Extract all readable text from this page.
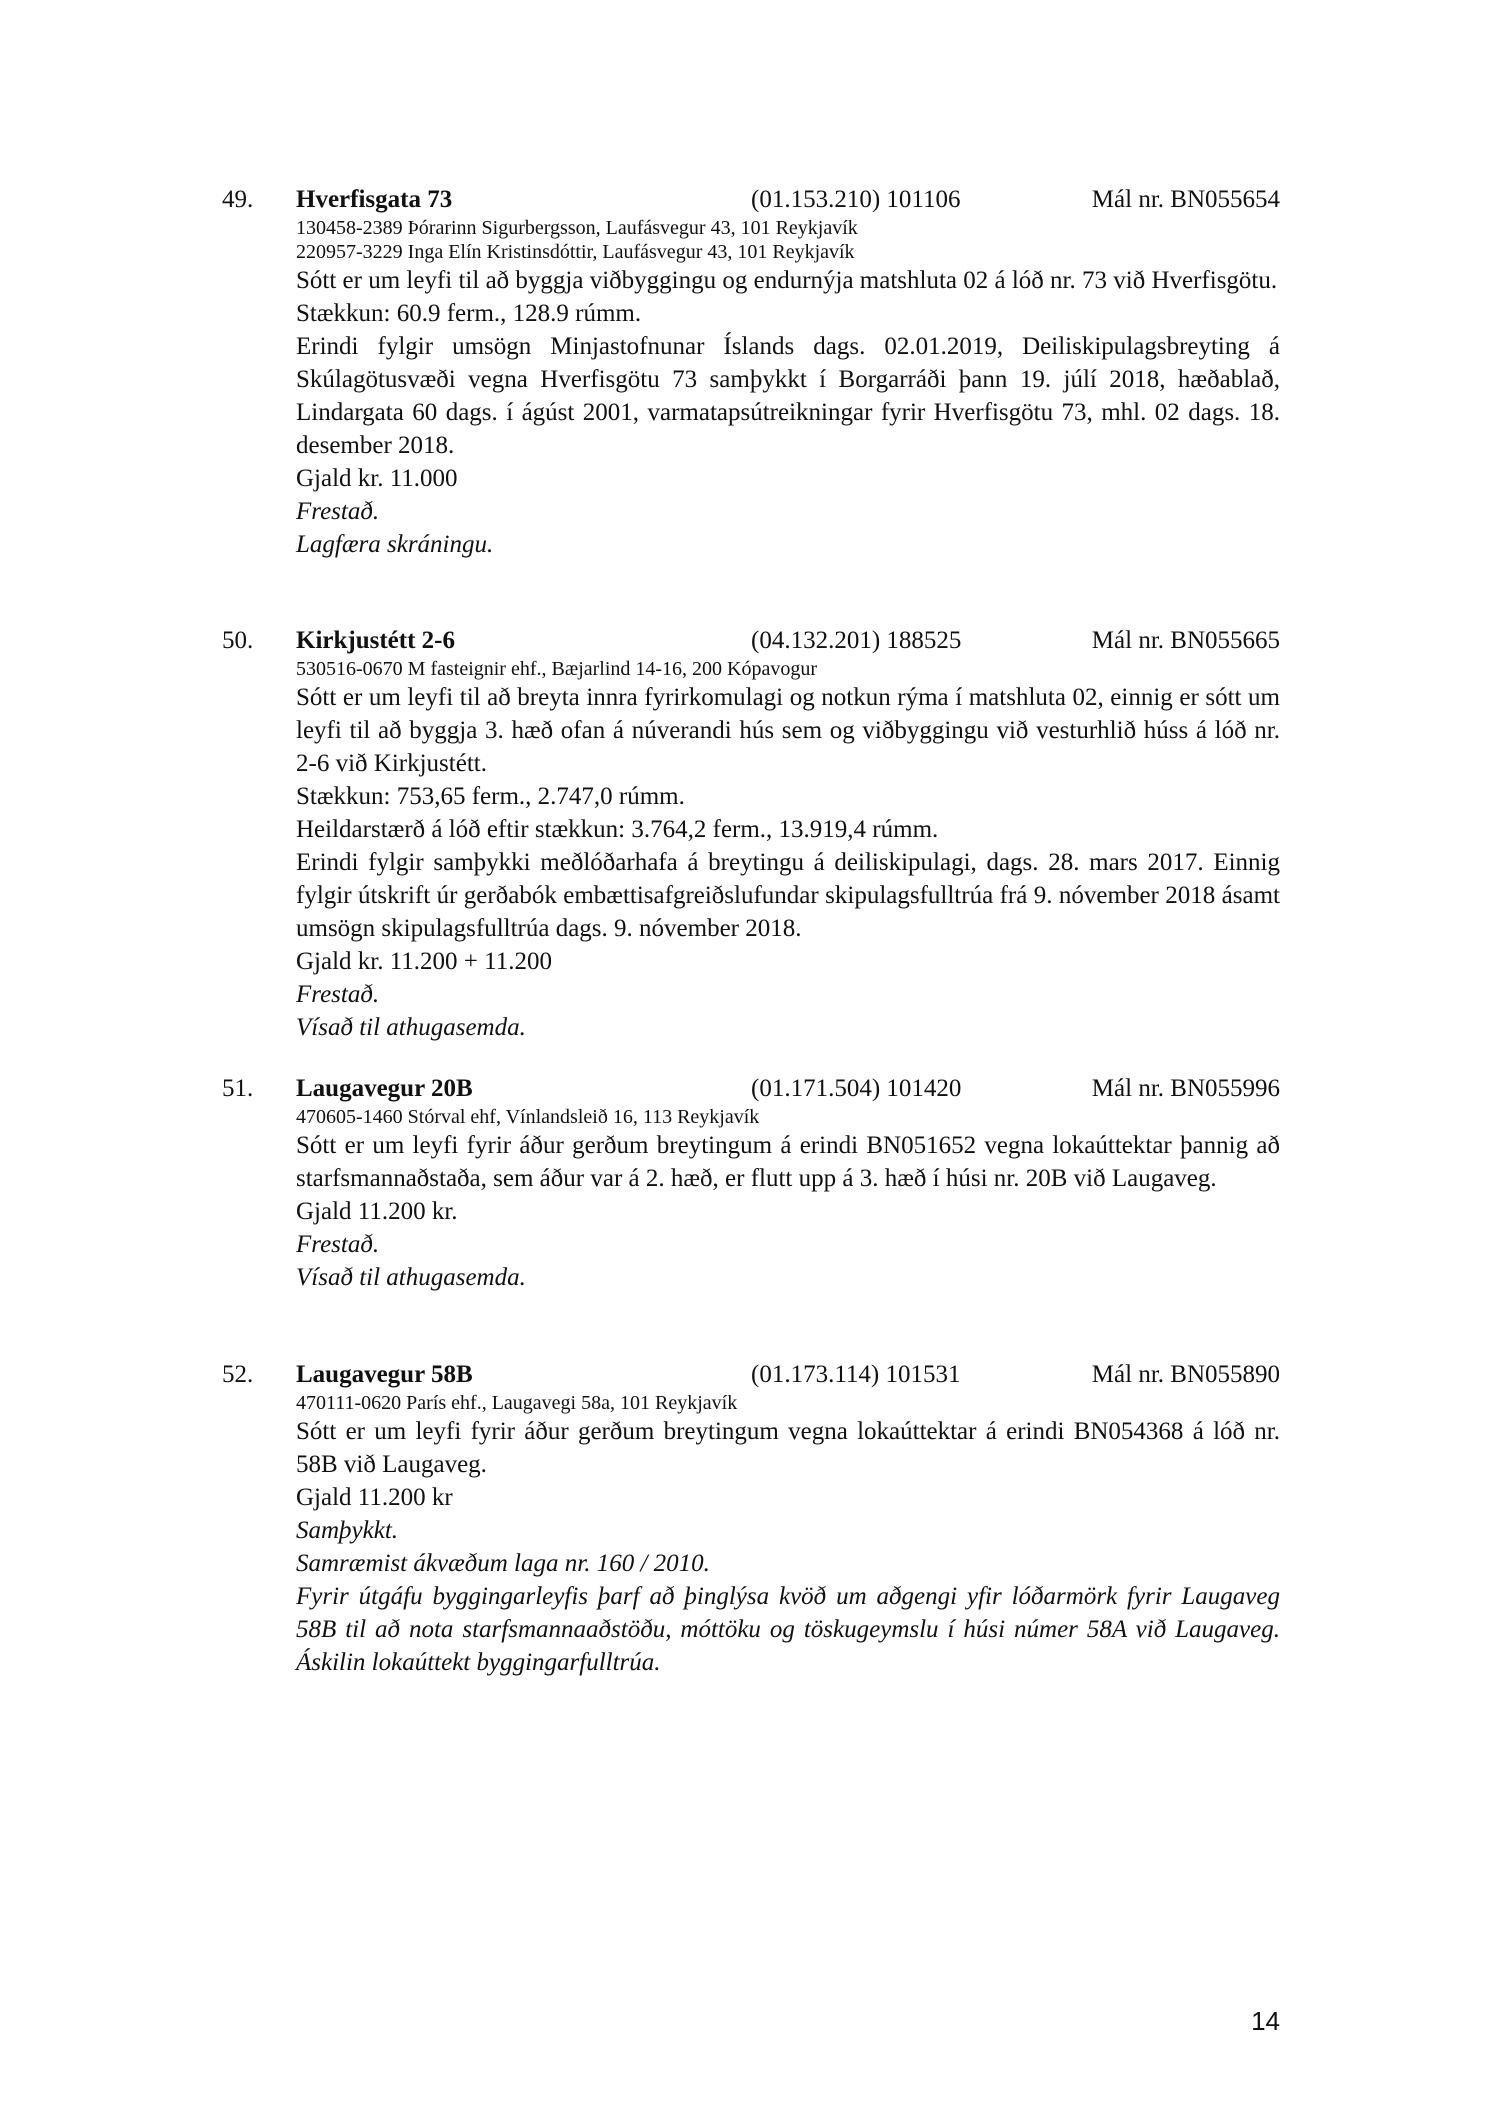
49. Hverfisgata 73	(01.153.210) 101106	Mál nr. BN055654
130458-2389 Þórarinn Sigurbergsson, Laufásvegur 43, 101 Reykjavík
220957-3229 Inga Elín Kristinsdóttir, Laufásvegur 43, 101 Reykjavík
Sótt er um leyfi til að byggja viðbyggingu og endurnýja matshluta 02 á lóð nr. 73 við Hverfisgötu.
Stækkun: 60.9 ferm., 128.9 rúmm.
Erindi fylgir umsögn Minjastofnunar Íslands dags. 02.01.2019, Deiliskipulagsbreyting á Skúlagötusvæði vegna Hverfisgötu 73 samþykkt í Borgarráði þann 19. júlí 2018, hæðablað, Lindargata 60 dags. í ágúst 2001, varmatapsútreikningar fyrir Hverfisgötu 73, mhl. 02 dags. 18. desember 2018.
Gjald kr. 11.000
Frestað.
Lagfæra skráningu.
50. Kirkjustétt 2-6	(04.132.201) 188525	Mál nr. BN055665
530516-0670 M fasteignir ehf., Bæjarlind 14-16, 200 Kópavogur
Sótt er um leyfi til að breyta innra fyrirkomulagi og notkun rýma í matshluta 02, einnig er sótt um leyfi til að byggja 3. hæð ofan á núverandi hús sem og viðbyggingu við vesturhlið húss á lóð nr. 2-6 við Kirkjustétt.
Stækkun: 753,65 ferm., 2.747,0 rúmm.
Heildarstærð á lóð eftir stækkun: 3.764,2 ferm., 13.919,4 rúmm.
Erindi fylgir samþykki meðlóðarhafa á breytingu á deiliskipulagi, dags. 28. mars 2017. Einnig fylgir útskrift úr gerðabók embættisafgreiðslufundar skipulagsfulltrúa frá 9. nóvember 2018 ásamt umsögn skipulagsfulltrúa dags. 9. nóvember 2018.
Gjald kr. 11.200 + 11.200
Frestað.
Vísað til athugasemda.
51. Laugavegur 20B	(01.171.504) 101420	Mál nr. BN055996
470605-1460 Stórval ehf, Vínlandsleið 16, 113 Reykjavík
Sótt er um leyfi fyrir áður gerðum breytingum á erindi BN051652 vegna lokaúttektar þannig að starfsmannaðstaða, sem áður var á 2. hæð, er flutt upp á 3. hæð í húsi nr. 20B við Laugaveg.
Gjald 11.200 kr.
Frestað.
Vísað til athugasemda.
52. Laugavegur 58B	(01.173.114) 101531	Mál nr. BN055890
470111-0620 París ehf., Laugavegi 58a, 101 Reykjavík
Sótt er um leyfi fyrir áður gerðum breytingum vegna lokaúttektar á erindi BN054368 á lóð nr. 58B við Laugaveg.
Gjald 11.200 kr
Samþykkt.
Samræmist ákvæðum laga nr. 160 / 2010.
Fyrir útgáfu byggingarleyfis þarf að þinglýsa kvöð um aðgengi yfir lóðarmörk fyrir Laugaveg 58B til að nota starfsmannaaðstöðu, móttöku og töskugeymslu í húsi númer 58A við Laugaveg. Áskilin lokaúttekt byggingarfulltrúa.
14
